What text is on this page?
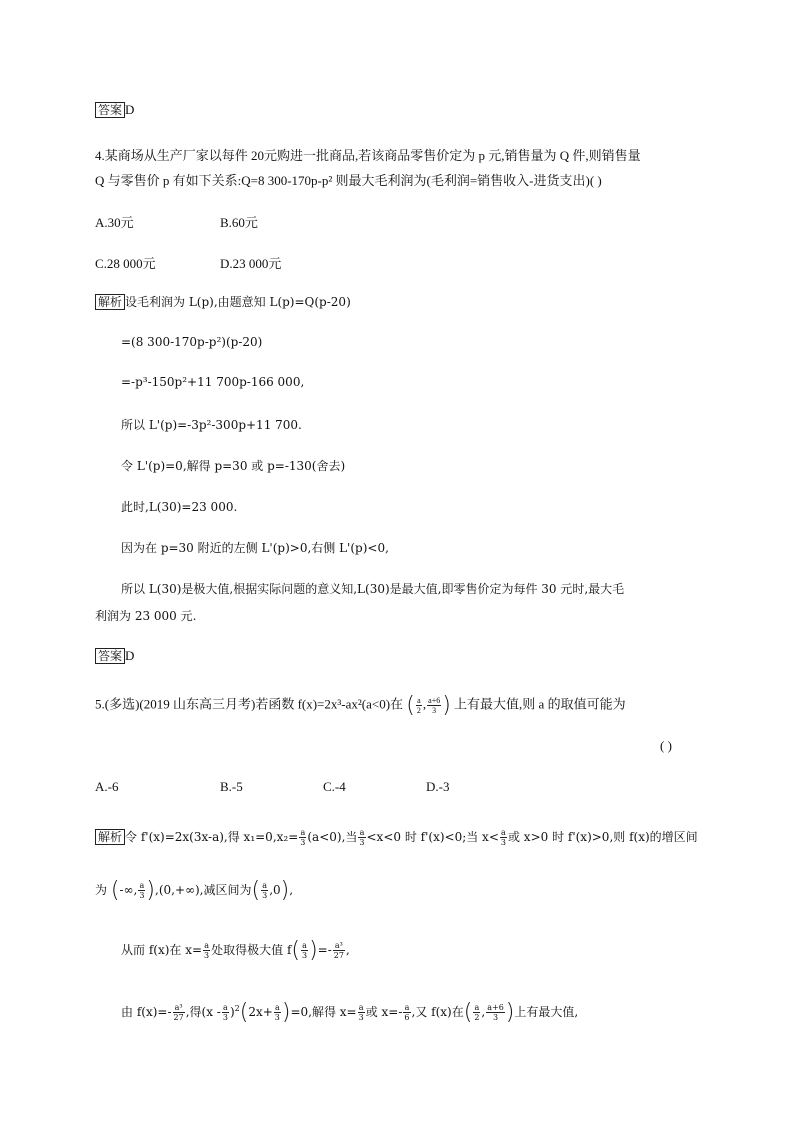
答案 D
4.某商场从生产厂家以每件 20元购进一批商品,若该商品零售价定为 p 元,销售量为 Q 件,则销售量
Q 与零售价 p 有如下关系:Q=8 300-170p-p² 则最大毛利润为(毛利润=销售收入-进货支出)( )
A.30元	B.60元
C.28 000元	D.23 000元
解析 设毛利润为 L(p),由题意知 L(p)=Q(p-20)
=(8 300-170p-p²)(p-20)
=-p³-150p²+11 700p-166 000,
所以 L'(p)=-3p²-300p+11 700.
令 L'(p)=0,解得 p=30 或 p=-130(舍去)
此时,L(30)=23 000.
因为在 p=30 附近的左侧 L'(p)>0,右侧 L'(p)<0,
所以 L(30)是极大值,根据实际问题的意义知,L(30)是最大值,即零售价定为每件 30 元时,最大毛
利润为 23 000 元.
答案 D
5.(多选)(2019 山东高三月考)若函数 f(x)=2x³-ax²(a<0)在 ( $\frac{a}{2}$ , $\frac{a+6}{3}$ ) 上有最大值,则 a 的取值可能为
( )
A.-6	B.-5	C.-4	D.-3
解析 令 f'(x)=2x(3x-a),得 $x_1=0,x_2= \frac{a}{3} (a<0)$,当 $\frac{a}{3} <x<0$ 时 f'(x)<0;当 $x< \frac{a}{3}$ 或 x>0 时 f'(x)>0,则 f(x)的增区间
为 (-∞, $\frac{a}{3} ),(0,+\infty)$,减区间为( $\frac{a}{3} ,0$),
从而 f(x)在 $x= \frac{a}{3}$ 处取得极大值 $f( \frac{a}{3}$ )=- $\frac{\text{a³}}{27}$ ,
由 $f(x)=- \frac{\text{a³}}{27}$ ,得$(x - \frac{a}{3} )^2(2x+ \frac{a}{3} )=0$,解得 $x= \frac{a}{3}$ 或 $x=- \frac{a}{6}$ ,又 f(x)在( $\frac{a}{2}$ , $\frac{a+6}{3}$ )上有最大值,
